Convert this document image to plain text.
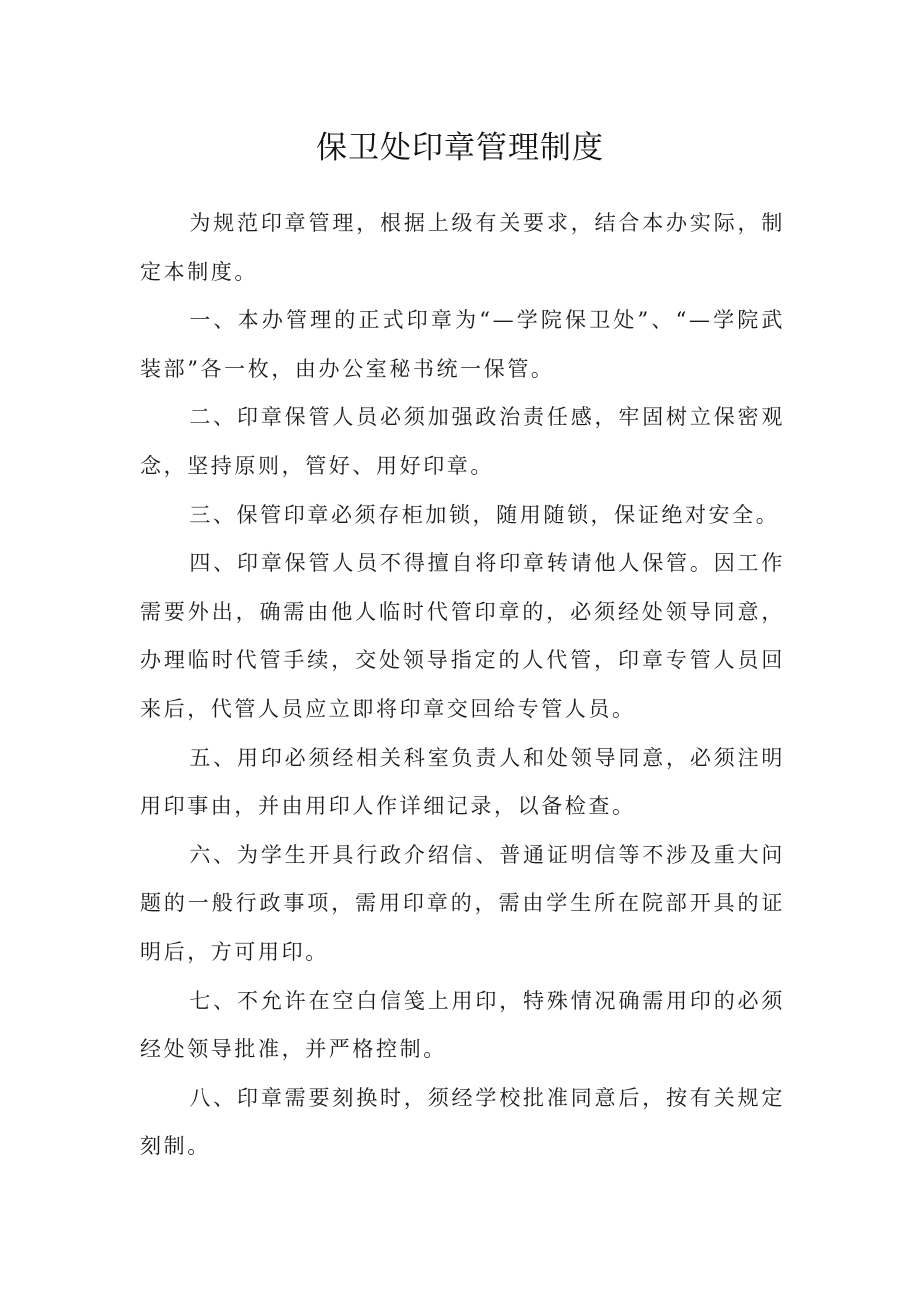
保卫处印章管理制度

为规范印章管理，根据上级有关要求，结合本办实际，制定本制度。

一、本办管理的正式印章为“—学院保卫处”、“—学院武装部”各一枚，由办公室秘书统一保管。

二、印章保管人员必须加强政治责任感，牢固树立保密观念，坚持原则，管好、用好印章。

三、保管印章必须存柜加锁，随用随锁，保证绝对安全。

四、印章保管人员不得擅自将印章转请他人保管。因工作需要外出，确需由他人临时代管印章的，必须经处领导同意，办理临时代管手续，交处领导指定的人代管，印章专管人员回来后，代管人员应立即将印章交回给专管人员。

五、用印必须经相关科室负责人和处领导同意，必须注明用印事由，并由用印人作详细记录，以备检查。

六、为学生开具行政介绍信、普通证明信等不涉及重大问题的一般行政事项，需用印章的，需由学生所在院部开具的证明后，方可用印。

七、不允许在空白信笺上用印，特殊情况确需用印的必须经处领导批准，并严格控制。

八、印章需要刻换时，须经学校批准同意后，按有关规定刻制。
